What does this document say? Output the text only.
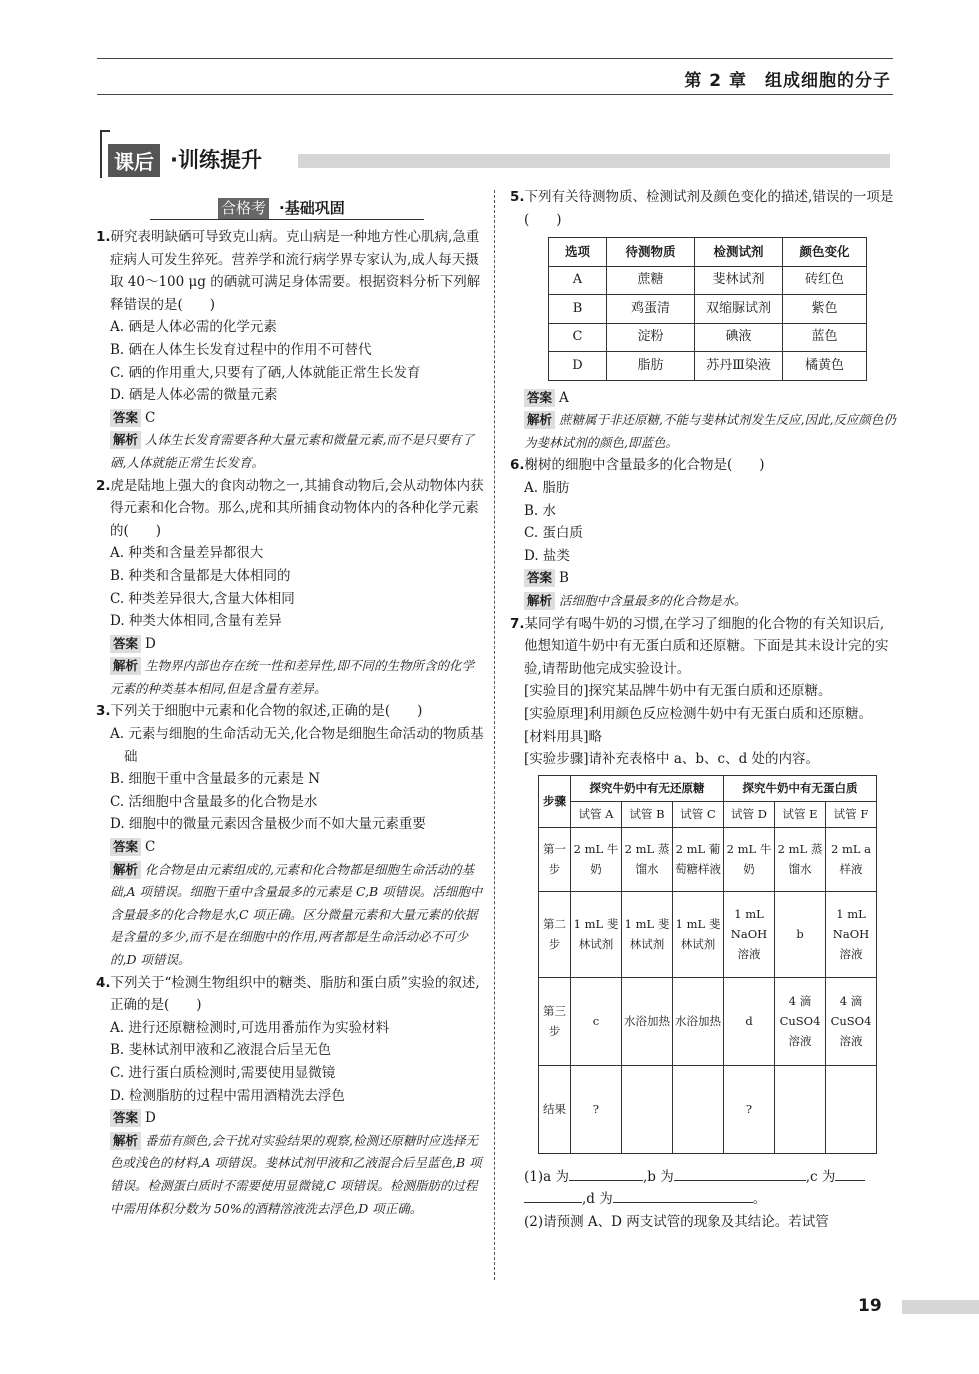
第 2 章　组成细胞的分子
课后 ·训练提升
合格考 ·基础巩固

1.研究表明缺硒可导致克山病。克山病是一种地方性心肌病,急重症病人可发生猝死。营养学和流行病学界专家认为,成人每天摄取 40～100 μg 的硒就可满足身体需要。根据资料分析下列解释错误的是(　　)

A. 硒是人体必需的化学元素

B. 硒在人体生长发育过程中的作用不可替代

C. 硒的作用重大,只要有了硒,人体就能正常生长发育

D. 硒是人体必需的微量元素

答案 C

解析 人体生长发育需要各种大量元素和微量元素,而不是只要有了硒,人体就能正常生长发育。

2.虎是陆地上强大的食肉动物之一,其捕食动物后,会从动物体内获得元素和化合物。那么,虎和其所捕食动物体内的各种化学元素的(　　)

A. 种类和含量差异都很大

B. 种类和含量都是大体相同的

C. 种类差异很大,含量大体相同

D. 种类大体相同,含量有差异

答案 D

解析 生物界内部也存在统一性和差异性,即不同的生物所含的化学元素的种类基本相同,但是含量有差异。

3.下列关于细胞中元素和化合物的叙述,正确的是(　　)

A. 元素与细胞的生命活动无关,化合物是细胞生命活动的物质基础

B. 细胞干重中含量最多的元素是 N

C. 活细胞中含量最多的化合物是水

D. 细胞中的微量元素因含量极少而不如大量元素重要

答案 C

解析 化合物是由元素组成的,元素和化合物都是细胞生命活动的基础,A 项错误。细胞干重中含量最多的元素是 C,B 项错误。活细胞中含量最多的化合物是水,C 项正确。区分微量元素和大量元素的依据是含量的多少,而不是在细胞中的作用,两者都是生命活动必不可少的,D 项错误。

4.下列关于“检测生物组织中的糖类、脂肪和蛋白质”实验的叙述,正确的是(　　)

A. 进行还原糖检测时,可选用番茄作为实验材料

B. 斐林试剂甲液和乙液混合后呈无色

C. 进行蛋白质检测时,需要使用显微镜

D. 检测脂肪的过程中需用酒精洗去浮色

答案 D

解析 番茄有颜色,会干扰对实验结果的观察,检测还原糖时应选择无色或浅色的材料,A 项错误。斐林试剂甲液和乙液混合后呈蓝色,B 项错误。检测蛋白质时不需要使用显微镜,C 项错误。检测脂肪的过程中需用体积分数为 50%的酒精溶液洗去浮色,D 项正确。

5.下列有关待测物质、检测试剂及颜色变化的描述,错误的一项是(　　)

选项	待测物质	检测试剂	颜色变化
A	蔗糖	斐林试剂	砖红色
B	鸡蛋清	双缩脲试剂	紫色
C	淀粉	碘液	蓝色
D	脂肪	苏丹Ⅲ染液	橘黄色

答案 A

解析 蔗糖属于非还原糖,不能与斐林试剂发生反应,因此,反应颜色仍为斐林试剂的颜色,即蓝色。

6.榭树的细胞中含量最多的化合物是(　　)

A. 脂肪

B. 水

C. 蛋白质

D. 盐类

答案 B

解析 活细胞中含量最多的化合物是水。

7.某同学有喝牛奶的习惯,在学习了细胞的化合物的有关知识后,他想知道牛奶中有无蛋白质和还原糖。下面是其未设计完的实验,请帮助他完成实验设计。

[实验目的]探究某品牌牛奶中有无蛋白质和还原糖。

[实验原理]利用颜色反应检测牛奶中有无蛋白质和还原糖。

[材料用具]略

[实验步骤]请补充表格中 a、b、c、d 处的内容。

步骤	探究牛奶中有无还原糖			探究牛奶中有无蛋白质		
	试管 A	试管 B	试管 C	试管 D	试管 E	试管 F
第一步	2 mL 牛奶	2 mL 蒸馏水	2 mL 葡萄糖样液	2 mL 牛奶	2 mL 蒸馏水	2 mL a 样液
第二步	1 mL 斐林试剂	1 mL 斐林试剂	1 mL 斐林试剂	1 mL NaOH 溶液	b	1 mL NaOH 溶液
第三步	c	水浴加热	水浴加热	d	4 滴 CuSO4 溶液	4 滴 CuSO4 溶液
结果	?			?		

(1)a 为	,b 为	,c 为

,d 为	。

(2)请预测 A、D 两支试管的现象及其结论。若试管

19
